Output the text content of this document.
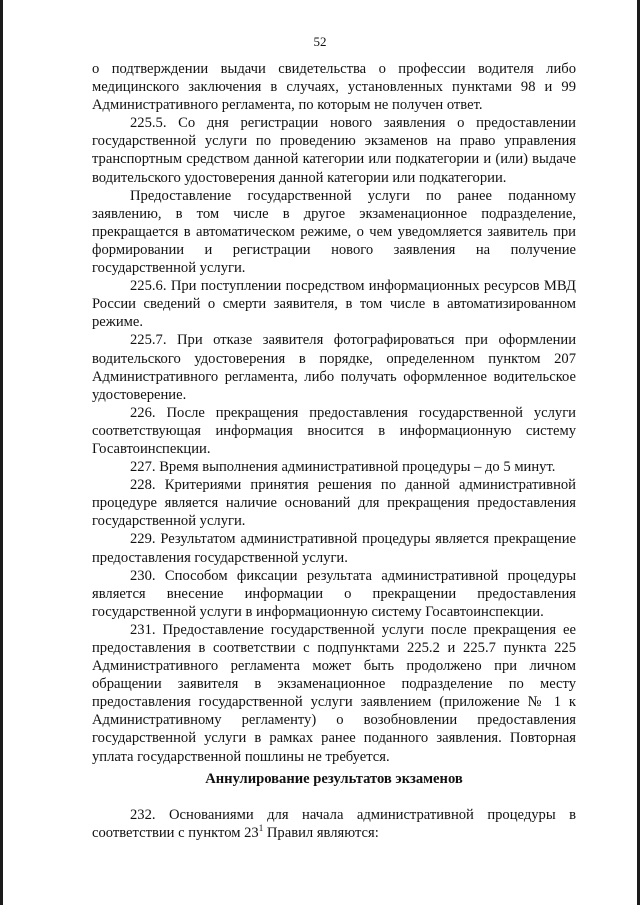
52

о подтверждении выдачи свидетельства о профессии водителя либо медицинского заключения в случаях, установленных пунктами 98 и 99 Административного регламента, по которым не получен ответ.

225.5. Со дня регистрации нового заявления о предоставлении государственной услуги по проведению экзаменов на право управления транспортным средством данной категории или подкатегории и (или) выдаче водительского удостоверения данной категории или подкатегории.

Предоставление государственной услуги по ранее поданному заявлению, в том числе в другое экзаменационное подразделение, прекращается в автоматическом режиме, о чем уведомляется заявитель при формировании и регистрации нового заявления на получение государственной услуги.

225.6. При поступлении посредством информационных ресурсов МВД России сведений о смерти заявителя, в том числе в автоматизированном режиме.

225.7. При отказе заявителя фотографироваться при оформлении водительского удостоверения в порядке, определенном пунктом 207 Административного регламента, либо получать оформленное водительское удостоверение.

226. После прекращения предоставления государственной услуги соответствующая информация вносится в информационную систему Госавтоинспекции.

227. Время выполнения административной процедуры – до 5 минут.

228. Критериями принятия решения по данной административной процедуре является наличие оснований для прекращения предоставления государственной услуги.

229. Результатом административной процедуры является прекращение предоставления государственной услуги.

230. Способом фиксации результата административной процедуры является внесение информации о прекращении предоставления государственной услуги в информационную систему Госавтоинспекции.

231. Предоставление государственной услуги после прекращения ее предоставления в соответствии с подпунктами 225.2 и 225.7 пункта 225 Административного регламента может быть продолжено при личном обращении заявителя в экзаменационное подразделение по месту предоставления государственной услуги заявлением (приложение № 1 к Административному регламенту) о возобновлении предоставления государственной услуги в рамках ранее поданного заявления. Повторная уплата государственной пошлины не требуется.

Аннулирование результатов экзаменов

232. Основаниями для начала административной процедуры в соответствии с пунктом $23^1$ Правил являются:
